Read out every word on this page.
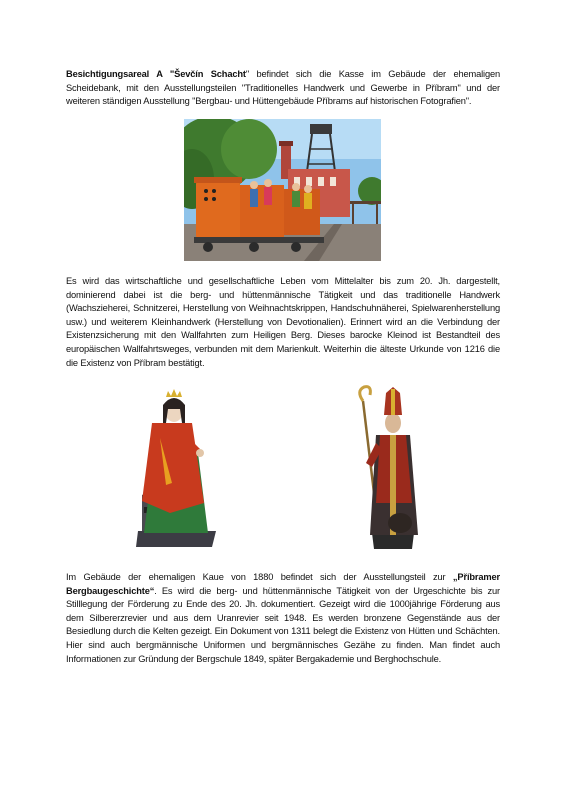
Besichtigungsareal A "Ševčín Schacht" befindet sich die Kasse im Gebäude der ehemaligen Scheidebank, mit den Ausstellungsteilen "Traditionelles Handwerk und Gewerbe in Příbram" und der weiteren ständigen Ausstellung "Bergbau- und Hüttengebäude Příbrams auf historischen Fotografien".
Es wird das wirtschaftliche und gesellschaftliche Leben vom Mittelalter bis zum 20. Jh. dargestellt, dominierend dabei ist die berg- und hüttenmännische Tätigkeit und das traditionelle Handwerk (Wachszieherei, Schnitzerei, Herstellung von Weihnachtskrippen, Handschuhnäherei, Spielwarenherstellung usw.) und weiterem Kleinhandwerk (Herstellung von Devotionalien). Erinnert wird an die Verbindung der Existenzsicherung mit den Wallfahrten zum Heiligen Berg. Dieses barocke Kleinod ist Bestandteil des europäischen Wallfahrtsweges, verbunden mit dem Marienkult. Weiterhin die älteste Urkunde von 1216 die die Existenz von Příbram bestätigt.
Im Gebäude der ehemaligen Kaue von 1880 befindet sich der Ausstellungsteil zur „Příbramer Bergbaugeschichte“. Es wird die berg- und hüttenmännische Tätigkeit von der Urgeschichte bis zur Stilllegung der Förderung zu Ende des 20. Jh. dokumentiert. Gezeigt wird die 1000jährige Förderung aus dem Silbererzrevier und aus dem Uranrevier seit 1948. Es werden bronzene Gegenstände aus der Besiedlung durch die Kelten gezeigt. Ein Dokument von 1311 belegt die Existenz von Hütten und Schächten. Hier sind auch bergmännische Uniformen und bergmännisches Gezähe zu finden. Man findet auch Informationen zur Gründung der Bergschule 1849, später Bergakademie und Berghochschule.
